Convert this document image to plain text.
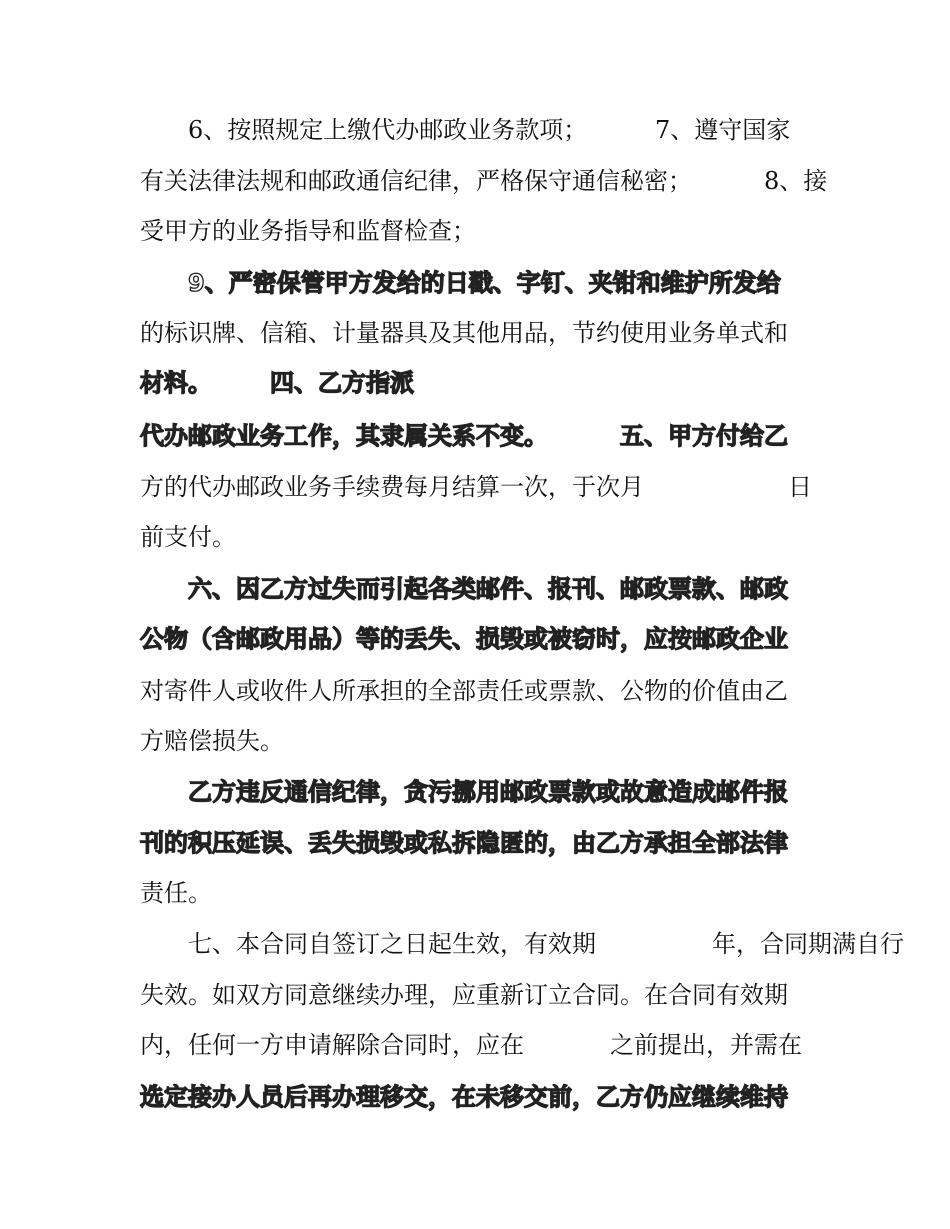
6、按照规定上缴代办邮政业务款项；

	7、遵守国家

有关法律法规和邮政通信纪律，严格保守通信秘密；

	8、接

受甲方的业务指导和监督检查；

9、严密保管甲方发给的日戳、字钉、夹钳和维护所发给

的标识牌、信箱、计量器具及其他用品，节约使用业务单式和

材料。

四、乙方指派

代办邮政业务工作，其隶属关系不变。

	五、甲方付给乙

方的代办邮政业务手续费每月结算一次，于次月

	日

前支付。

六、因乙方过失而引起各类邮件、报刊、邮政票款、邮政

公物（含邮政用品）等的丢失、损毁或被窃时，应按邮政企业

对寄件人或收件人所承担的全部责任或票款、公物的价值由乙

方赔偿损失。

乙方违反通信纪律，贪污挪用邮政票款或故意造成邮件报

刊的积压延误、丢失损毁或私拆隐匿的，由乙方承担全部法律

责任。

七、本合同自签订之日起生效，有效期

	年，合同期满自行

失效。如双方同意继续办理，应重新订立合同。在合同有效期

内，任何一方申请解除合同时，应在

	之前提出，并需在

选定接办人员后再办理移交，在未移交前，乙方仍应继续维持
